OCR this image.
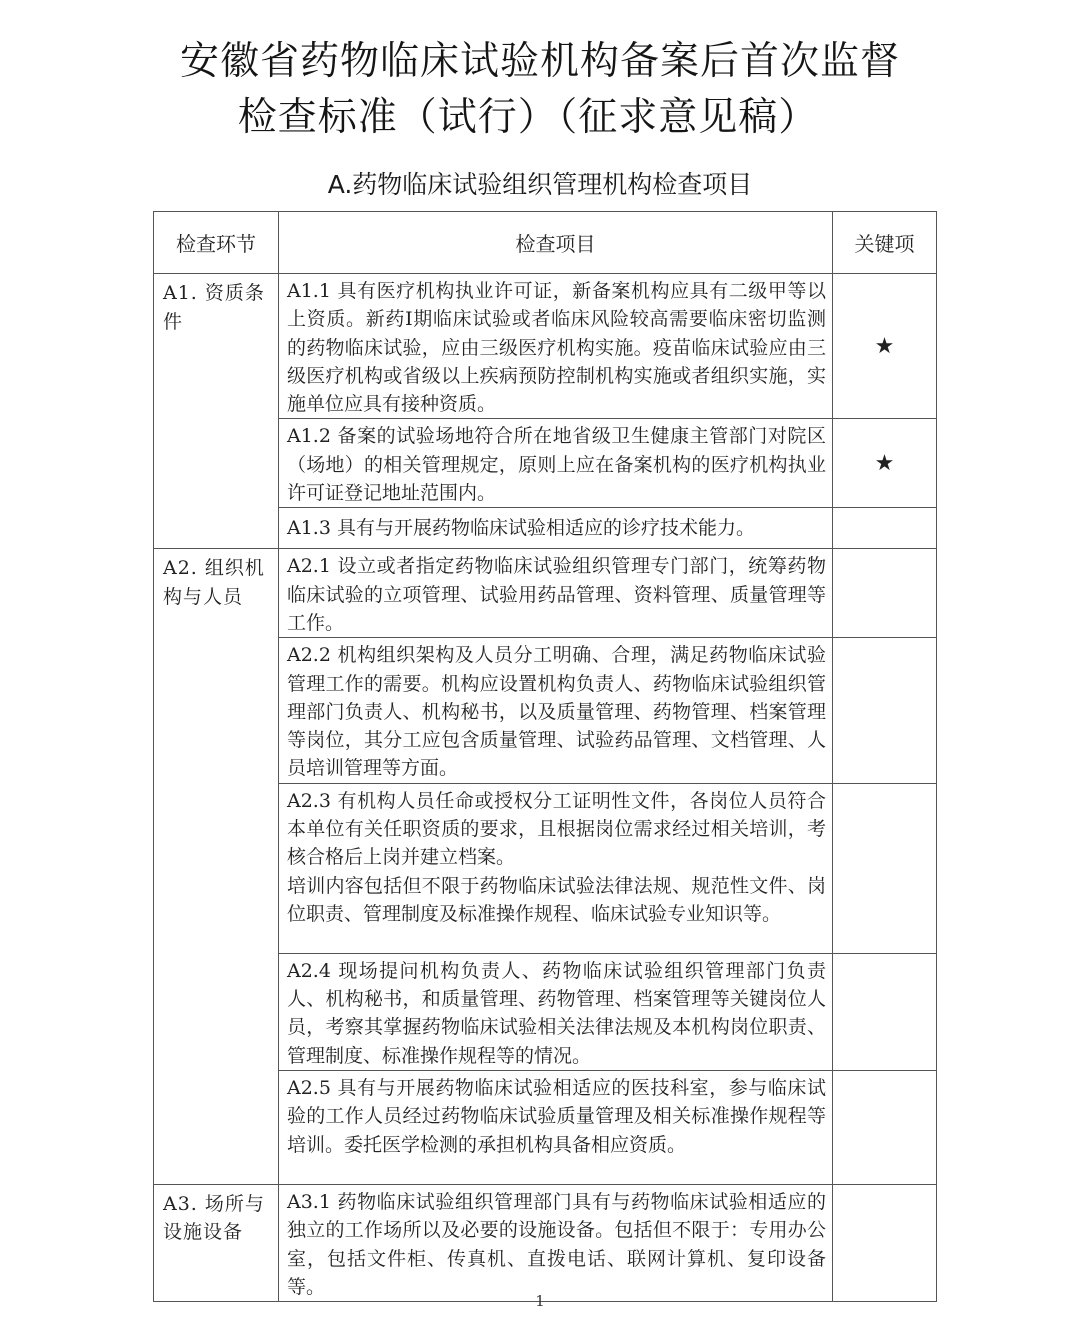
安徽省药物临床试验机构备案后首次监督
检查标准（试行）（征求意见稿）
A.药物临床试验组织管理机构检查项目
检查环节	检查项目	关键项
A1. 资质条件	A1.1 具有医疗机构执业许可证，新备案机构应具有二级甲等以上资质。新药Ⅰ期临床试验或者临床风险较高需要临床密切监测的药物临床试验，应由三级医疗机构实施。疫苗临床试验应由三级医疗机构或省级以上疾病预防控制机构实施或者组织实施，实施单位应具有接种资质。	★
	A1.2 备案的试验场地符合所在地省级卫生健康主管部门对院区（场地）的相关管理规定，原则上应在备案机构的医疗机构执业许可证登记地址范围内。	★
	A1.3 具有与开展药物临床试验相适应的诊疗技术能力。	
A2. 组织机构与人员	A2.1 设立或者指定药物临床试验组织管理专门部门，统筹药物临床试验的立项管理、试验用药品管理、资料管理、质量管理等工作。	
	A2.2 机构组织架构及人员分工明确、合理，满足药物临床试验管理工作的需要。机构应设置机构负责人、药物临床试验组织管理部门负责人、机构秘书，以及质量管理、药物管理、档案管理等岗位，其分工应包含质量管理、试验药品管理、文档管理、人员培训管理等方面。	
	A2.3 有机构人员任命或授权分工证明性文件，各岗位人员符合本单位有关任职资质的要求，且根据岗位需求经过相关培训，考核合格后上岗并建立档案。
培训内容包括但不限于药物临床试验法律法规、规范性文件、岗位职责、管理制度及标准操作规程、临床试验专业知识等。	
	A2.4 现场提问机构负责人、药物临床试验组织管理部门负责人、机构秘书，和质量管理、药物管理、档案管理等关键岗位人员，考察其掌握药物临床试验相关法律法规及本机构岗位职责、管理制度、标准操作规程等的情况。	
	A2.5 具有与开展药物临床试验相适应的医技科室，参与临床试验的工作人员经过药物临床试验质量管理及相关标准操作规程等培训。委托医学检测的承担机构具备相应资质。	
A3. 场所与设施设备	A3.1 药物临床试验组织管理部门具有与药物临床试验相适应的独立的工作场所以及必要的设施设备。包括但不限于：专用办公室，包括文件柜、传真机、直拨电话、联网计算机、复印设备等。	
1
